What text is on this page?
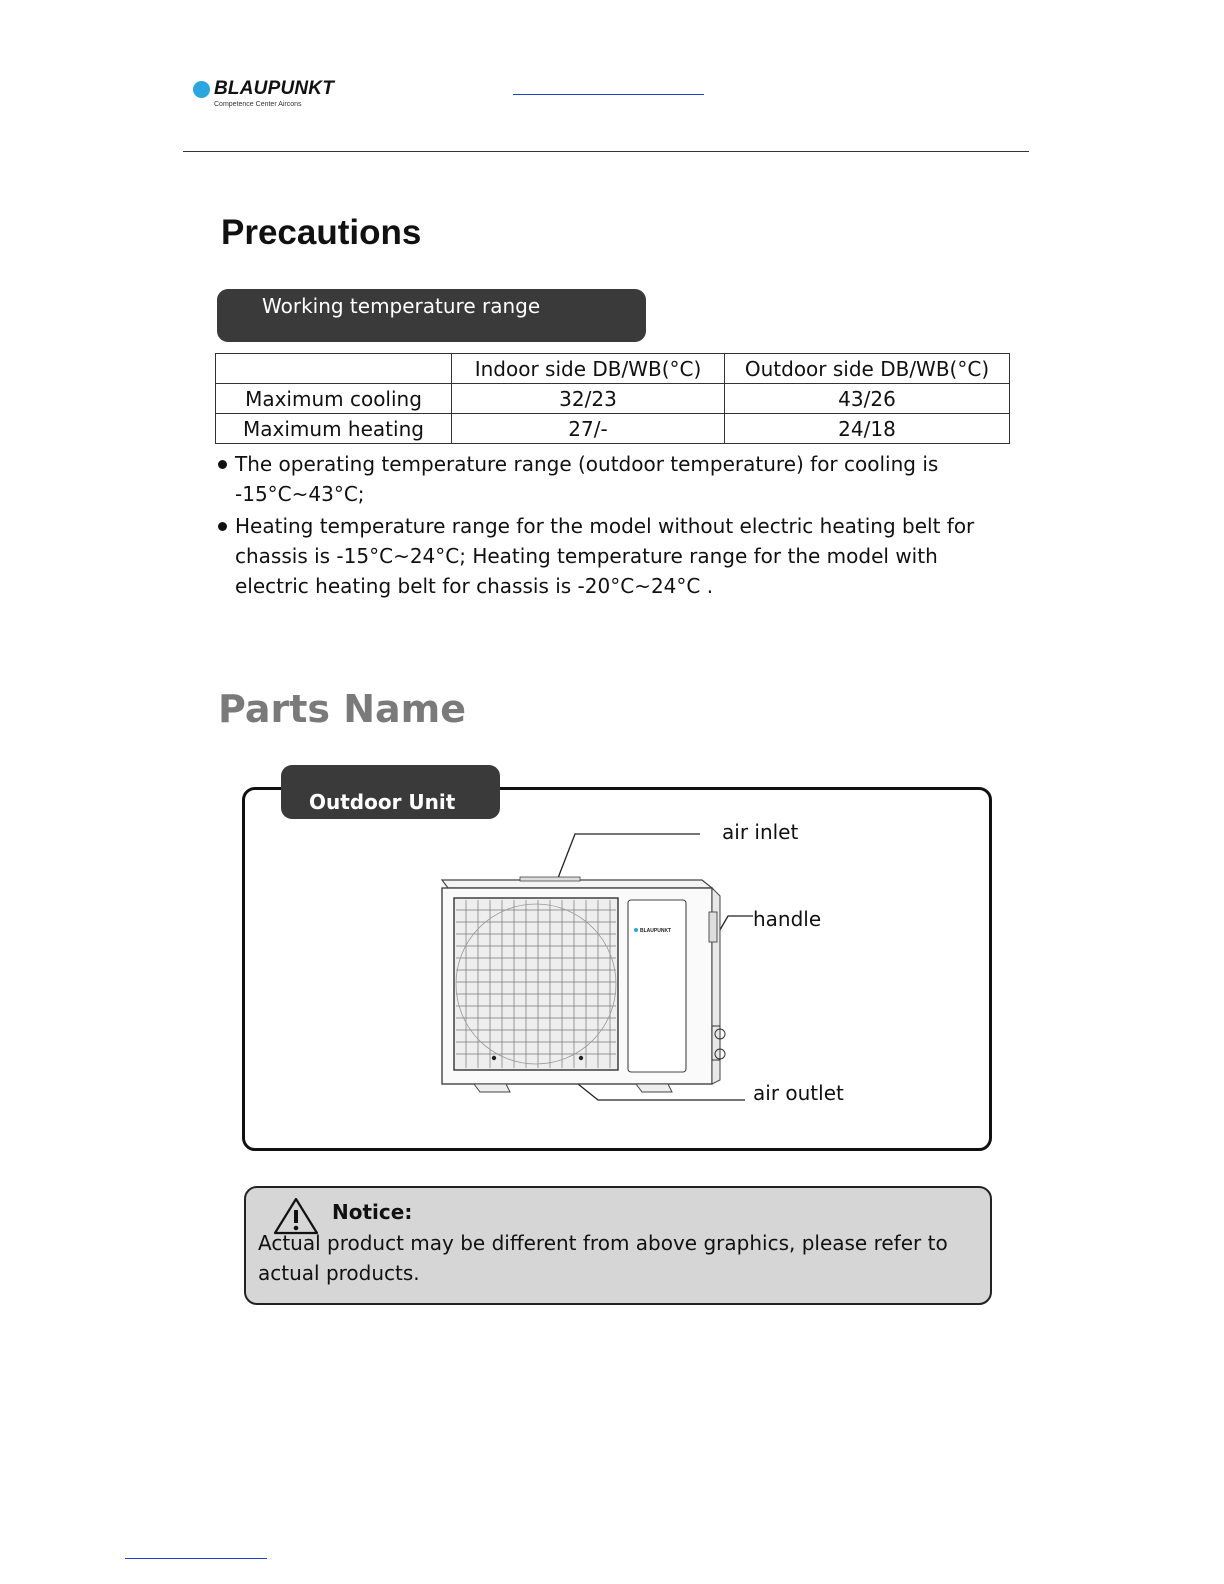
BLAUPUNKT
Competence Center Aircons
Precautions
Working temperature range
	Indoor side DB/WB(°C)	Outdoor side DB/WB(°C)
Maximum cooling	32/23	43/26
Maximum heating	27/-	24/18
The operating temperature range (outdoor temperature) for cooling is -15°C~43°C;
Heating temperature range for the model without electric heating belt for chassis is -15°C~24°C; Heating temperature range for the model with electric heating belt for chassis is -20°C~24°C .
Parts Name
Outdoor Unit
BLAUPUNKT
air inlet
handle
air outlet
Notice:
Actual product may be different from above graphics, please refer to actual products.
